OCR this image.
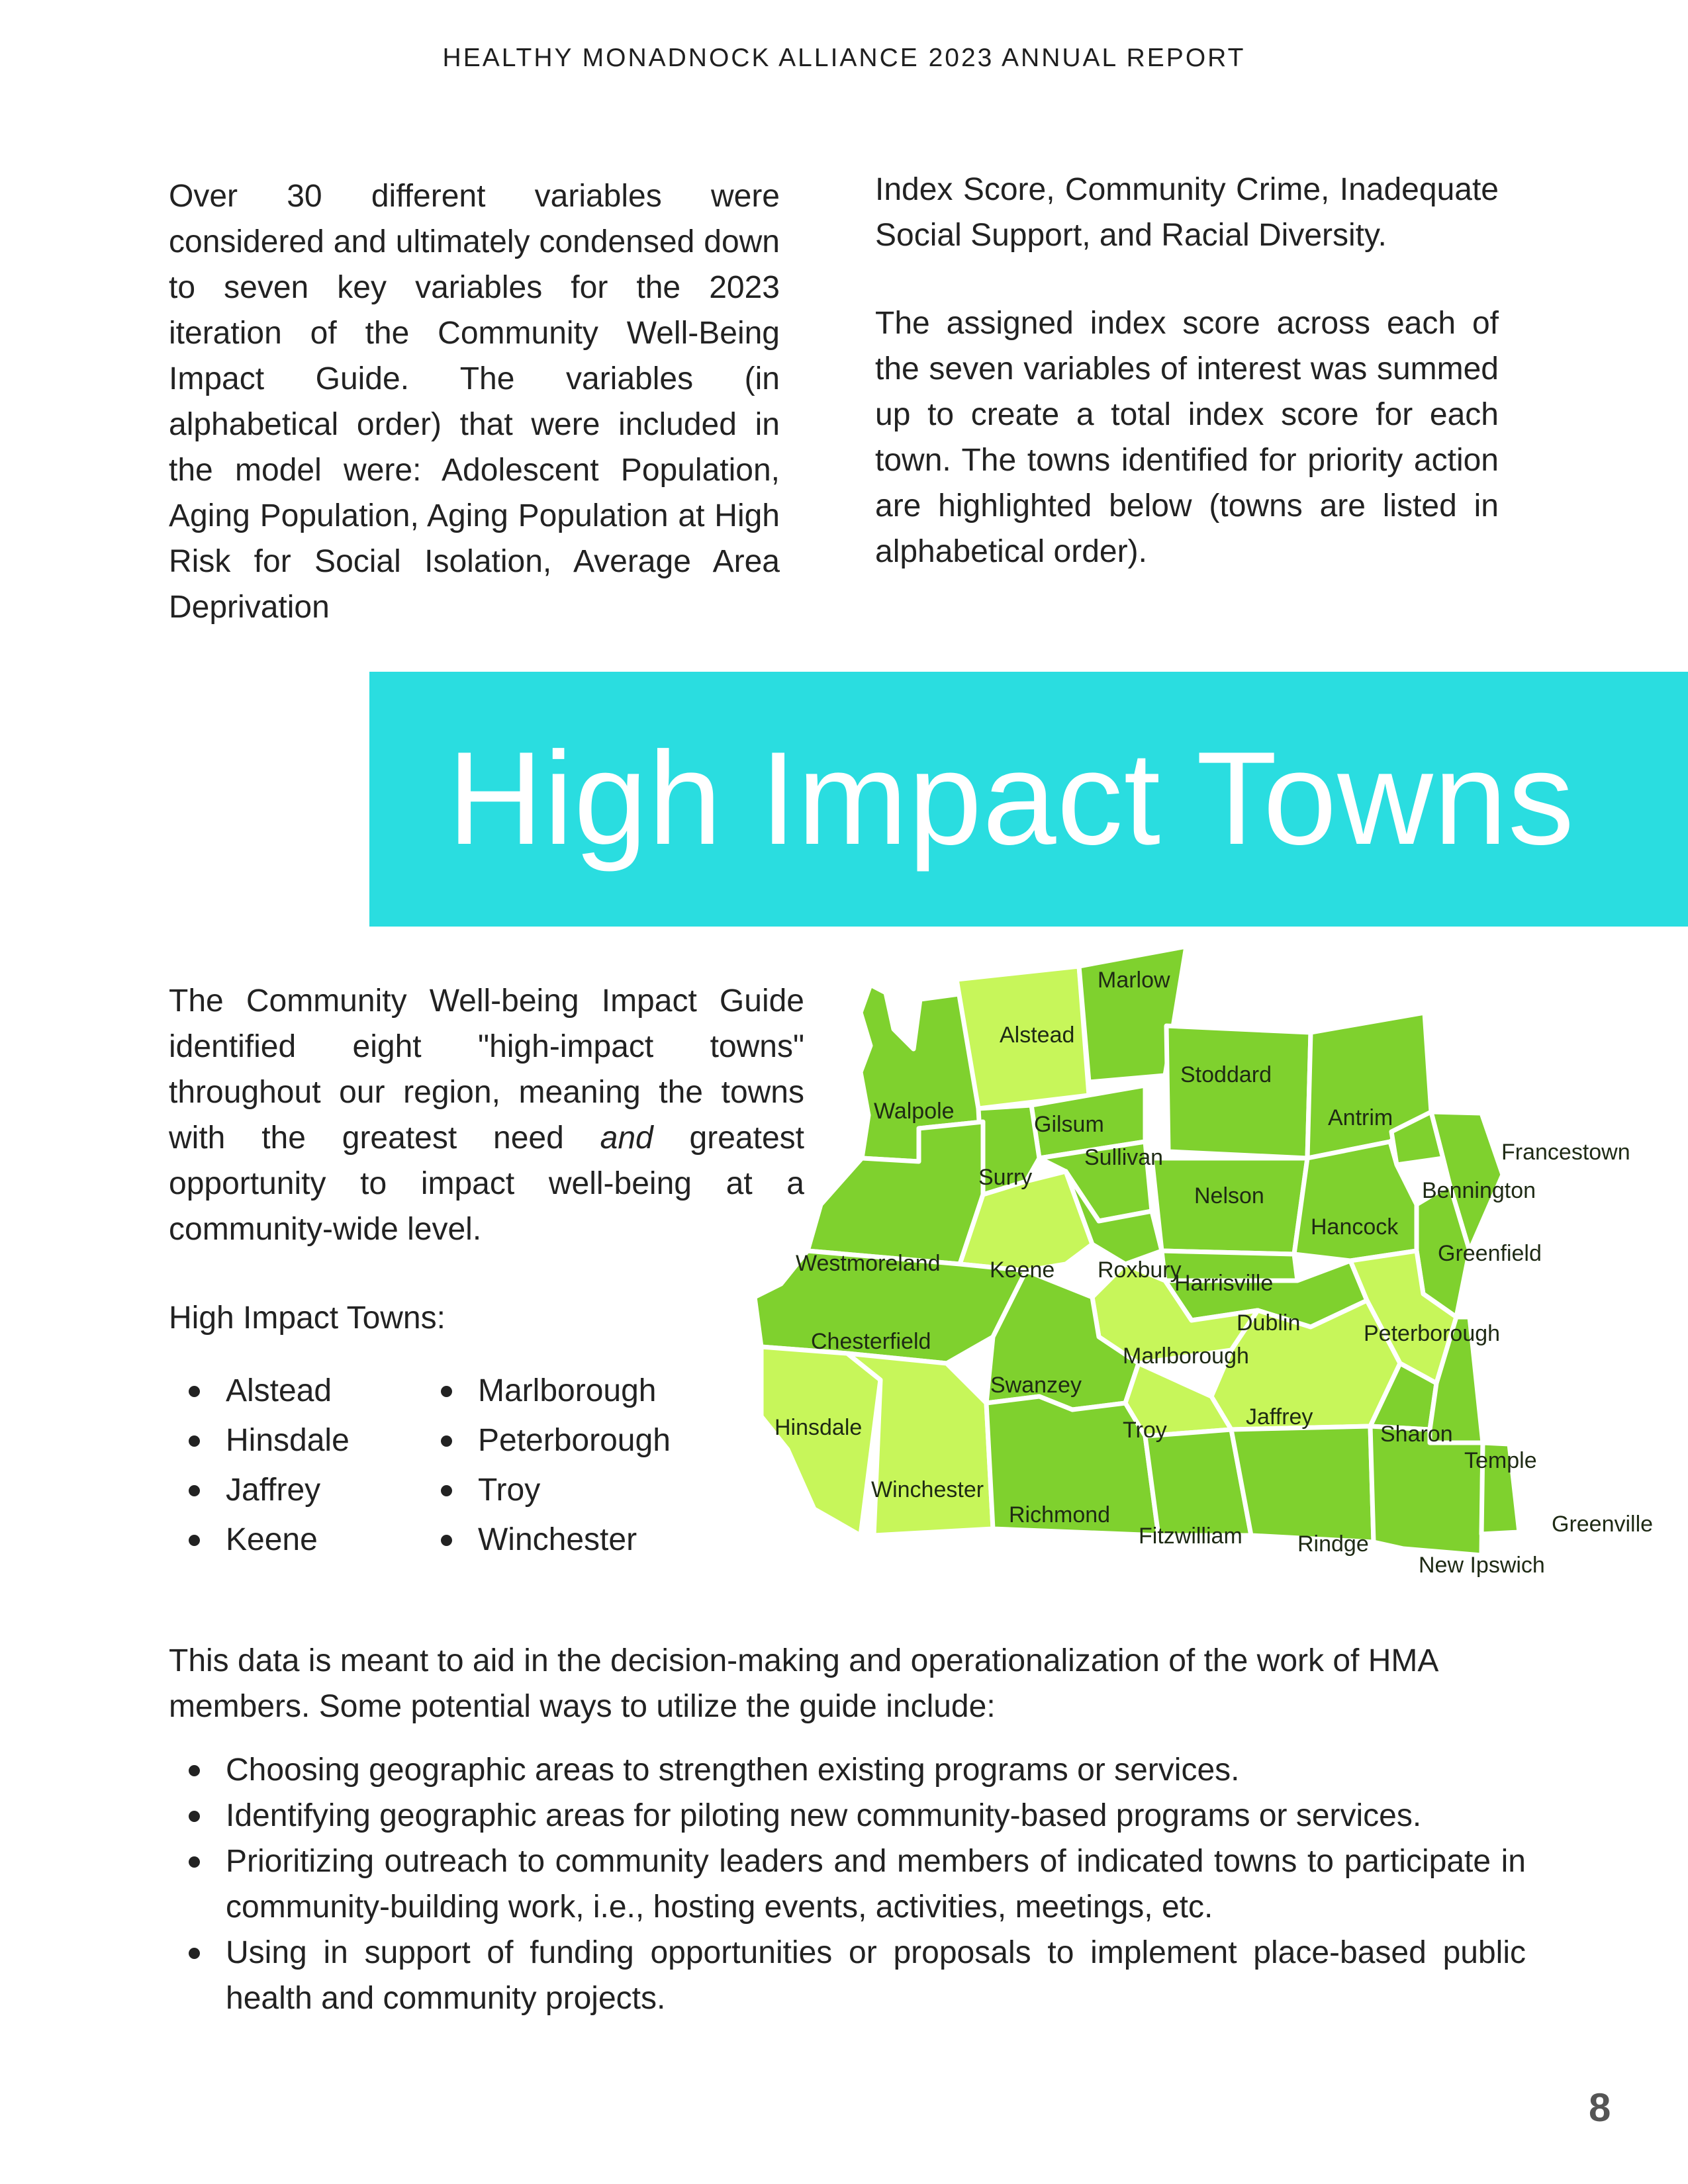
HEALTHY MONADNOCK ALLIANCE 2023 ANNUAL REPORT

Over 30 different variables were considered and ultimately condensed down to seven key variables for the 2023 iteration of the Community Well-Being Impact Guide. The variables (in alphabetical order) that were included in the model were: Adolescent Population, Aging Population, Aging Population at High Risk for Social Isolation, Average Area Deprivation

Index Score, Community Crime, Inadequate Social Support, and Racial Diversity.

The assigned index score across each of the seven variables of interest was summed up to create a total index score for each town. The towns identified for priority action are highlighted below (towns are listed in alphabetical order).

High Impact Towns

The Community Well-being Impact Guide identified eight "high-impact towns" throughout our region, meaning the towns with the greatest need and greatest opportunity to impact well-being at a community-wide level.

High Impact Towns:
Alstead
Hinsdale
Jaffrey
Keene
Marlborough
Peterborough
Troy
Winchester
Marlow
Alstead
Stoddard
Walpole
Gilsum
Sullivan
Antrim
Francestown
Surry
Nelson	Bennington
Hancock
Westmoreland Keene Roxbury
Harrisville
Greenfield
Dublin	Peterborough
Chesterfield
Marlborough
Swanzey
Hinsdale	Troy
Jaffrey
Sharon
Temple
Winchester
Richmond	Greenville
Fitzwilliam Rindge
New Ipswich

This data is meant to aid in the decision-making and operationalization of the work of HMA members. Some potential ways to utilize the guide include:

Choosing geographic areas to strengthen existing programs or services.
Identifying geographic areas for piloting new community-based programs or services.
Prioritizing outreach to community leaders and members of indicated towns to participate in community-building work, i.e., hosting events, activities, meetings, etc.
Using in support of funding opportunities or proposals to implement place-based public health and community projects.
8
